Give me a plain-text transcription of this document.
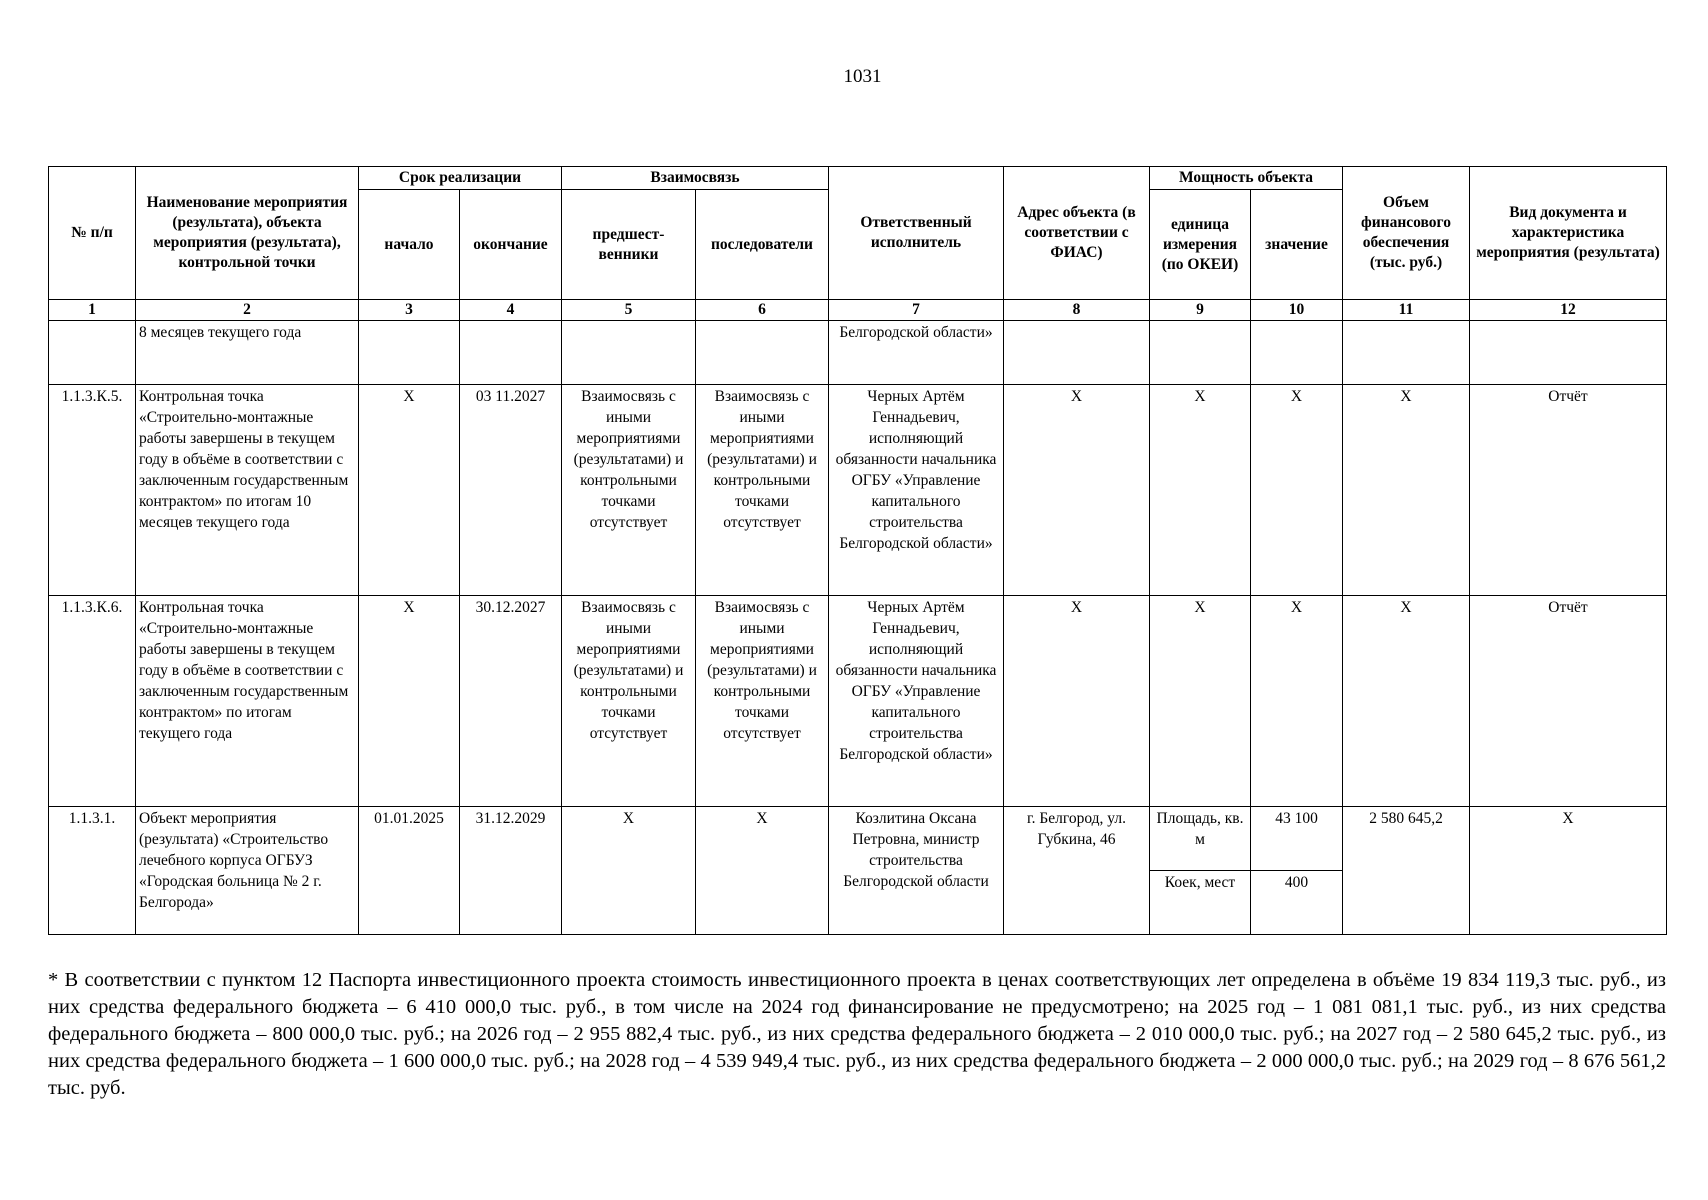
1031
№ п/п	Наименование мероприятия (результата), объекта мероприятия (результата), контрольной точки	Срок реализации		Взаимосвязь		Ответственный исполнитель	Адрес объекта (в соответствии с ФИАС)	Мощность объекта		Объем финансового обеспечения (тыс. руб.)	Вид документа и характеристика мероприятия (результата)
		начало	окончание	предшест-венники	последователи			единица измерения (по ОКЕИ)	значение		
1	2	3	4	5	6	7	8	9	10	11	12
	8 месяцев текущего года					Белгородской области»					
1.1.3.К.5.	Контрольная точка «Строительно-монтажные работы завершены в текущем году в объёме в соответствии с заключенным государственным контрактом» по итогам 10 месяцев текущего года	X	03 11.2027	Взаимосвязь с иными мероприятиями (результатами) и контрольными точками отсутствует	Взаимосвязь с иными мероприятиями (результатами) и контрольными точками отсутствует	Черных Артём Геннадьевич, исполняющий обязанности начальника ОГБУ «Управление капитального строительства Белгородской области»	X	X	X	X	Отчёт
1.1.3.К.6.	Контрольная точка «Строительно-монтажные работы завершены в текущем году в объёме в соответствии с заключенным государственным контрактом» по итогам текущего года	X	30.12.2027	Взаимосвязь с иными мероприятиями (результатами) и контрольными точками отсутствует	Взаимосвязь с иными мероприятиями (результатами) и контрольными точками отсутствует	Черных Артём Геннадьевич, исполняющий обязанности начальника ОГБУ «Управление капитального строительства Белгородской области»	X	X	X	X	Отчёт
1.1.3.1.	Объект мероприятия (результата) «Строительство лечебного корпуса ОГБУЗ «Городская больница № 2 г. Белгорода»	01.01.2025	31.12.2029	X	X	Козлитина Оксана Петровна, министр строительства Белгородской области	г. Белгород, ул. Губкина, 46	Площадь, кв. м	43 100	2 580 645,2	X
								Коек, мест	400		
* В соответствии с пунктом 12 Паспорта инвестиционного проекта стоимость инвестиционного проекта в ценах соответствующих лет определена в объёме 19 834 119,3 тыс. руб., из них средства федерального бюджета – 6 410 000,0 тыс. руб., в том числе на 2024 год финансирование не предусмотрено; на 2025 год – 1 081 081,1 тыс. руб., из них средства федерального бюджета – 800 000,0 тыс. руб.; на 2026 год – 2 955 882,4 тыс. руб., из них средства федерального бюджета – 2 010 000,0 тыс. руб.; на 2027 год – 2 580 645,2 тыс. руб., из них средства федерального бюджета – 1 600 000,0 тыс. руб.; на 2028 год – 4 539 949,4 тыс. руб., из них средства федерального бюджета – 2 000 000,0 тыс. руб.; на 2029 год – 8 676 561,2 тыс. руб.
